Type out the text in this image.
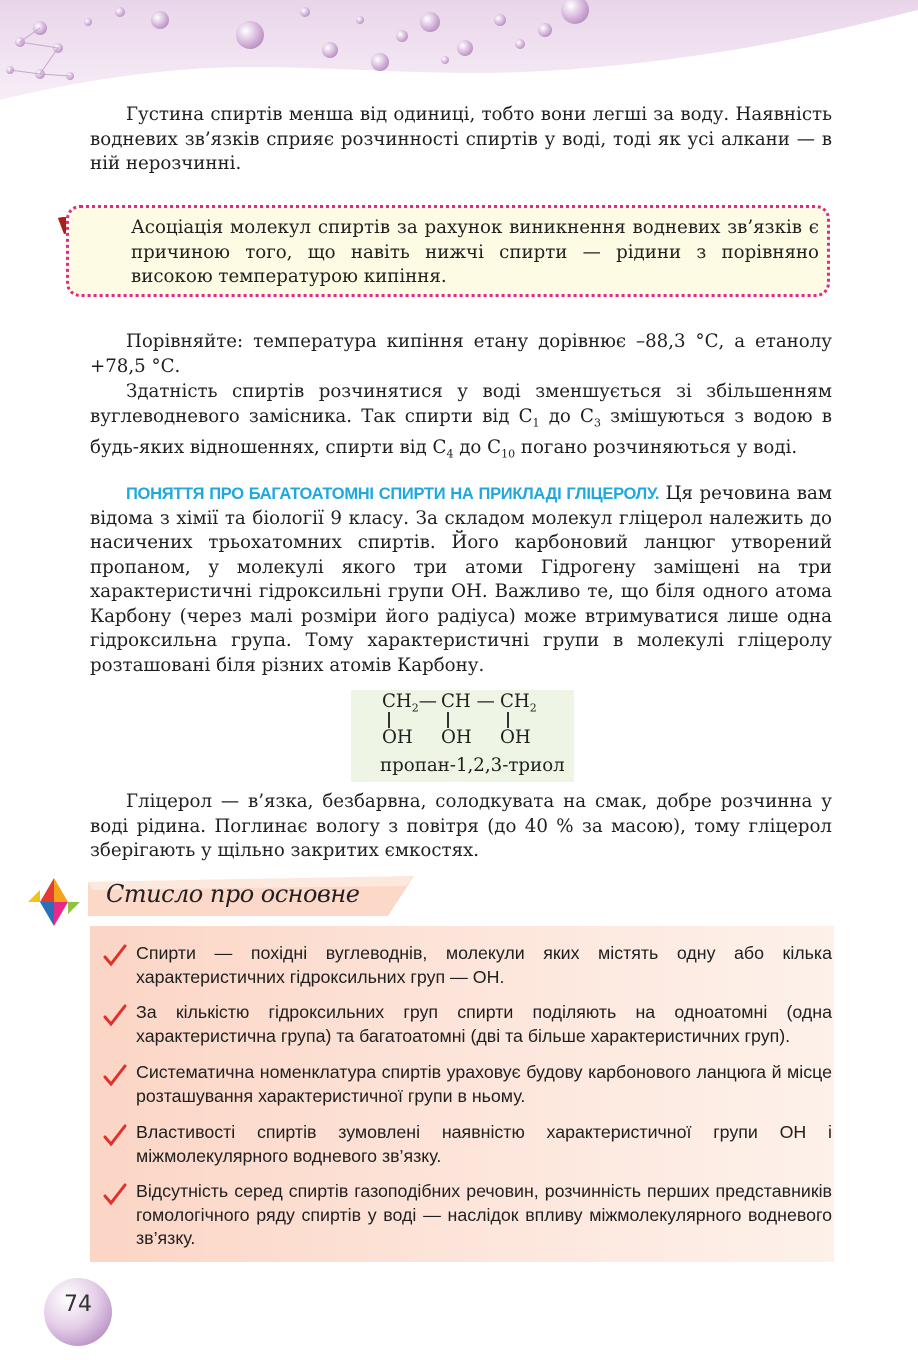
Густина спиртів менша від одиниці, тобто вони легші за воду. Наявність водневих зв’язків сприяє розчинності спиртів у воді, тоді як усі алкани — в ній нерозчинні.

Асоціація молекул спиртів за рахунок виникнення водневих зв’язків є причиною того, що навіть нижчі спирти — рідини з порівняно високою температурою кипіння.

Порівняйте: температура кипіння етану дорівнює –88,3 °С, а етанолу +78,5 °С.

Здатність спиртів розчинятися у воді зменшується зі збільшенням вуглеводневого замісника. Так спирти від $С_1$ до $С_3$ змішуються з водою в будь-яких відношеннях, спирти від $С_4$ до $С_{10}$ погано розчиняються у воді.

ПОНЯТТЯ ПРО БАГАТОАТОМНІ СПИРТИ НА ПРИКЛАДІ ГЛІЦЕРОЛУ. Ця речовина вам відома з хімії та біології 9 класу. За складом молекул гліцерол належить до насичених трьохатомних спиртів. Його карбоновий ланцюг утворений пропаном, у молекулі якого три атоми Гідрогену заміщені на три характеристичні гідроксильні групи ОН. Важливо те, що біля одного атома Карбону (через малі розміри його радіуса) може втримуватися лише одна гідроксильна група. Тому характеристичні групи в молекулі гліцеролу розташовані біля різних атомів Карбону.

$CH_2—$ CH — $CH_2$
OH OH OH
пропан-1,2,3-триол

Гліцерол — в’язка, безбарвна, солодкувата на смак, добре розчинна у воді рідина. Поглинає вологу з повітря (до 40 % за масою), тому гліцерол зберігають у щільно закритих ємкостях.

Стисло про основне

Спирти — похідні вуглеводнів, молекули яких містять одну або кілька характеристичних гідроксильних груп — ОН.

За кількістю гідроксильних груп спирти поділяють на одноатомні (одна характеристична група) та багатоатомні (дві та більше характеристичних груп).

Систематична номенклатура спиртів ураховує будову карбонового ланцюга й місце розташування характеристичної групи в ньому.

Властивості спиртів зумовлені наявністю характеристичної групи ОН і міжмолекулярного водневого зв’язку.

Відсутність серед спиртів газоподібних речовин, розчинність перших представників гомологічного ряду спиртів у воді — наслідок впливу міжмолекулярного водневого зв’язку.

74
